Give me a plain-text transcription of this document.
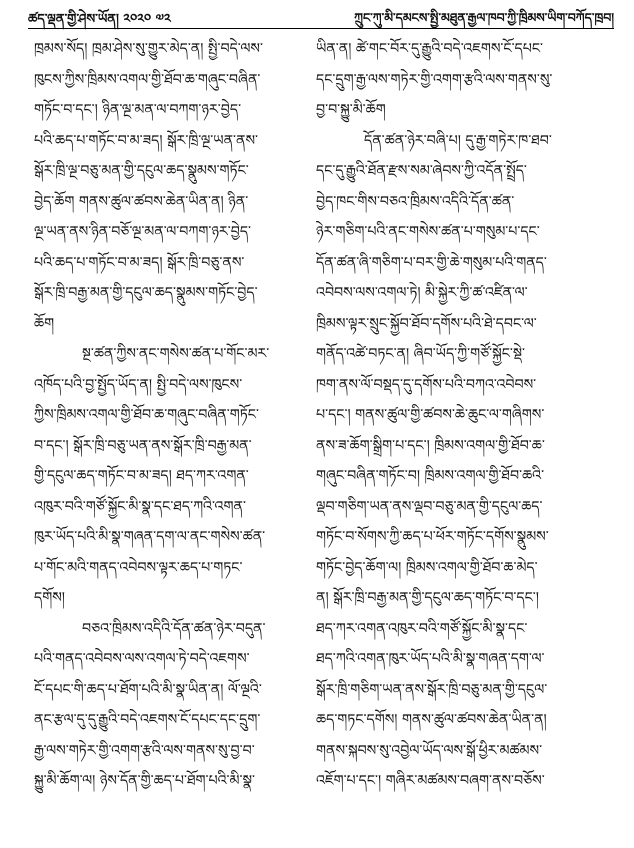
ཚད་ལྡན་གྱི་ཤེས་ཡོན། ༢༠༢༠ ༧༢	ཀྲུང་ཀུ་མི་དམངས་སྤྱི་མཐུན་རྒྱལ་ཁབ་ཀྱི་ཁྲིམས་ཡིག་བཀོད་ཁྲབ།
ཁྲམས་སོད། ཁྲམ་ཤེས་སུ་གྱུར་མེད་ན། སྤྱི་བདེ་ལས་
ཁུངས་ཀྱིས་ཁྲིམས་འགལ་གྱི་ཐོབ་ཆ་གཞུང་བཞིན་
གཏོང་བ་དང་། ཉིན་ལྔ་མན་ལ་བཀག་ཉར་བྱེད་
པའི་ཆད་པ་གཏོང་བ་མ་ཟད། སྒོར་ཁྲི་ལྔ་ཡན་ནས་
སྒོར་ཁྲི་ལྔ་བཅུ་མན་གྱི་དངུལ་ཆད་སྣུམས་གཏོང་
བྱེད་ཆོག གནས་ཚུལ་ཚབས་ཆེན་ཡིན་ན། ཉིན་
ལྔ་ཡན་ནས་ཉིན་བཅོ་ལྔ་མན་ལ་བཀག་ཉར་བྱེད་
པའི་ཆད་པ་གཏོང་བ་མ་ཟད། སྒོར་ཁྲི་བཅུ་ནས་
སྒོར་ཁྲི་བརྒྱ་མན་གྱི་དངུལ་ཆད་སྣུམས་གཏོང་བྱེད་
ཆོག
སྔ་ཚན་ཀྱིས་ནང་གསེས་ཚན་པ་གོང་མར་
འཁོད་པའི་བྱ་སྤྱོད་ཡོད་ན། སྤྱི་བདེ་ལས་ཁུངས་
ཀྱིས་ཁྲིམས་འགལ་གྱི་ཐོབ་ཆ་གཞུང་བཞིན་གཏོང་
བ་དང་། སྒོར་ཁྲི་བཅུ་ཡན་ནས་སྒོར་ཁྲི་བརྒྱ་མན་
གྱི་དངུལ་ཆད་གཏོང་བ་མ་ཟད། ཐད་ཀར་འགན་
འཁུར་བའི་གཙོ་སྐྱོང་མི་སྣ་དང་ཐད་ཀའི་འགན་
ཁུར་ཡོད་པའི་མི་སྣ་གཞན་དག་ལ་ནང་གསེས་ཚན་
པ་གོང་མའི་གནད་འབེབས་ལྟར་ཆད་པ་གཏང་
དགོས།
བཅའ་ཁྲིམས་འདིའི་དོན་ཚན་ཉེར་བདུན་
པའི་གནད་འབེབས་ལས་འགལ་ཏེ་བདེ་འཇགས་
ངོ་དཔང་གི་ཆད་པ་ཐོག་པའི་མི་སྣ་ཡིན་ན། ལོ་ལྔའི་
ནང་རྩལ་དུ་དུ་རྒྱུའི་བདེ་འཇགས་ངོ་དཔང་དང་དྲུག་
རྒྱ་ལས་གཏེར་གྱི་འགག་རྩའི་ལས་གནས་སུ་བྱ་བ་
སྐྱུ་མི་ཆོག་ལ། ཉེས་དོན་གྱི་ཆད་པ་ཐོག་པའི་མི་སྣ་
ཡིན་ན། ཚེ་གང་བོར་དུ་རྒྱུའི་བདེ་འཇགས་ངོ་དཔང་
དང་དྲུག་རྒྱ་ལས་གཏེར་གྱི་འགག་རྩའི་ལས་གནས་སུ་
བྱ་བ་སྐྱུ་མི་ཆོག
དོན་ཚན་ཉེར་བཞི་པ། དུ་རྒྱ་གཏེར་ཁ་ཐབ་
དང་དུ་རྒྱུའི་ཐོན་རྫས་སམ་ཞེབས་ཀྱི་འདོན་སྤྲོད་
བྱེད་ཁང་གིས་བཅའ་ཁྲིམས་འདིའི་དོན་ཚན་
ཉེར་གཅིག་པའི་ནང་གསེས་ཚན་པ་གསུམ་པ་དང་
དོན་ཚན་ཞི་གཅིག་པ་བར་གྱི་ཆེ་གསུམ་པའི་གནད་
འབེབས་ལས་འགལ་ཏེ། མི་སྐྱེར་ཀྱི་ཚ་འཛིན་ལ་
ཁྲིམས་ལྟར་སྲུང་སྐྱོབ་ཐོབ་དགོས་པའི་ཐེ་དབང་ལ་
གནོད་འཚེ་བཏང་ན། ཞིབ་ཡོད་ཀྱི་གཙོ་སྐྱོང་སྡེ་
ཁག་ནས་ལོ་བསྡད་དུ་དགོས་པའི་བཀའ་འབེབས་
པ་དང་། གནས་ཚུལ་གྱི་ཚབས་ཆེ་ཆུང་ལ་གཞིགས་
ནས་ཟ་ཆོག་སྒྲིག་པ་དང་། ཁྲིམས་འགལ་གྱི་ཐོབ་ཆ་
གཞུང་བཞིན་གཏོང་བ། ཁྲིམས་འགལ་གྱི་ཐོབ་ཆའི་
ལྡབ་གཅིག་ཡན་ནས་ལྡབ་བཅུ་མན་གྱི་དངུལ་ཆད་
གཏོང་བ་སོགས་ཀྱི་ཆད་པ་ཕོར་གཏོང་དགོས་སྣུམས་
གཏོང་བྱེད་ཆོག་ལ། ཁྲིམས་འགལ་གྱི་ཐོབ་ཆ་མེད་
ན། སྒོར་ཁྲི་བརྒྱ་མན་གྱི་དངུལ་ཆད་གཏོང་བ་དང་།
ཐད་ཀར་འགན་འཁུར་བའི་གཙོ་སྐྱོང་མི་སྣ་དང་
ཐད་ཀའི་འགན་ཁུར་ཡོད་པའི་མི་སྣ་གཞན་དག་ལ་
སྒོར་ཁྲི་གཅིག་ཡན་ནས་སྒོར་ཁྲི་བཅུ་མན་གྱི་དངུལ་
ཆད་གཏང་དགོས། གནས་ཚུལ་ཚབས་ཆེན་ཡིན་ན།
གནས་སྐབས་སུ་འབྱེལ་ཡོད་ལས་སྒོ་ཕྱིར་མཚམས་
འཇོག་པ་དང་། གཞིར་མཚམས་བཞག་ནས་བཅོས་
